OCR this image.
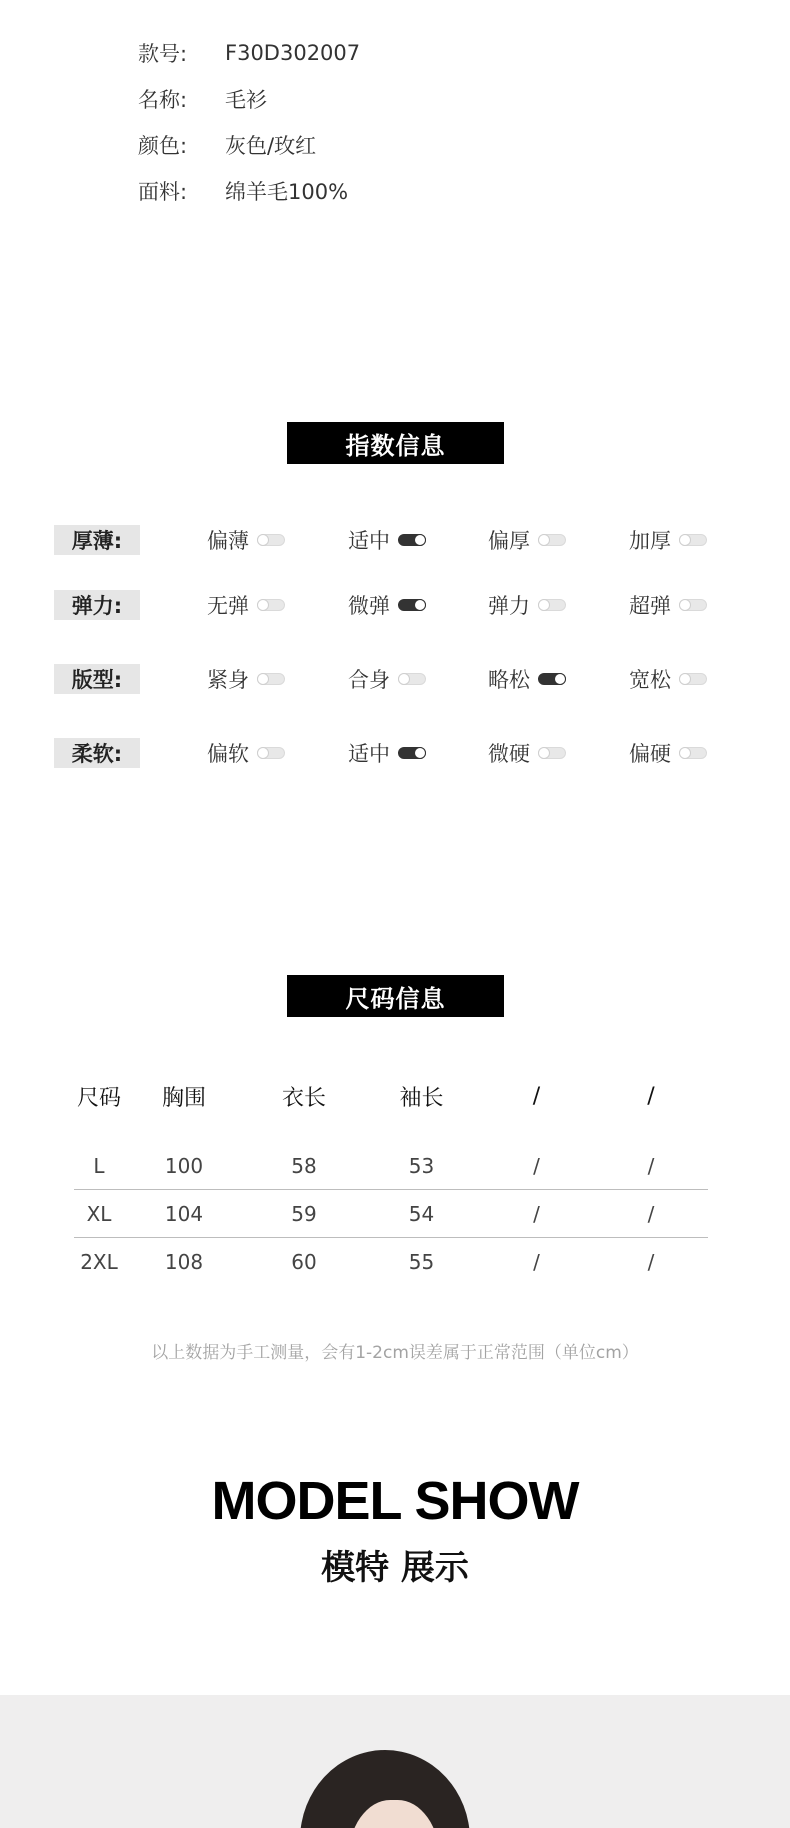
款号:	F30D302007
名称:	毛衫
颜色:	灰色/玫红
面料:	绵羊毛100%
指数信息
厚薄:	偏薄	适中	偏厚	加厚
弹力:	无弹	微弹	弹力	超弹
版型:	紧身	合身	略松	宽松
柔软:	偏软	适中	微硬	偏硬
尺码信息
尺码	胸围	衣长	袖长	/	/
L	100	58	53	/	/
XL	104	59	54	/	/
2XL	108	60	55	/	/
以上数据为手工测量，会有1-2cm误差属于正常范围（单位cm）
MODEL SHOW
模特 展示
